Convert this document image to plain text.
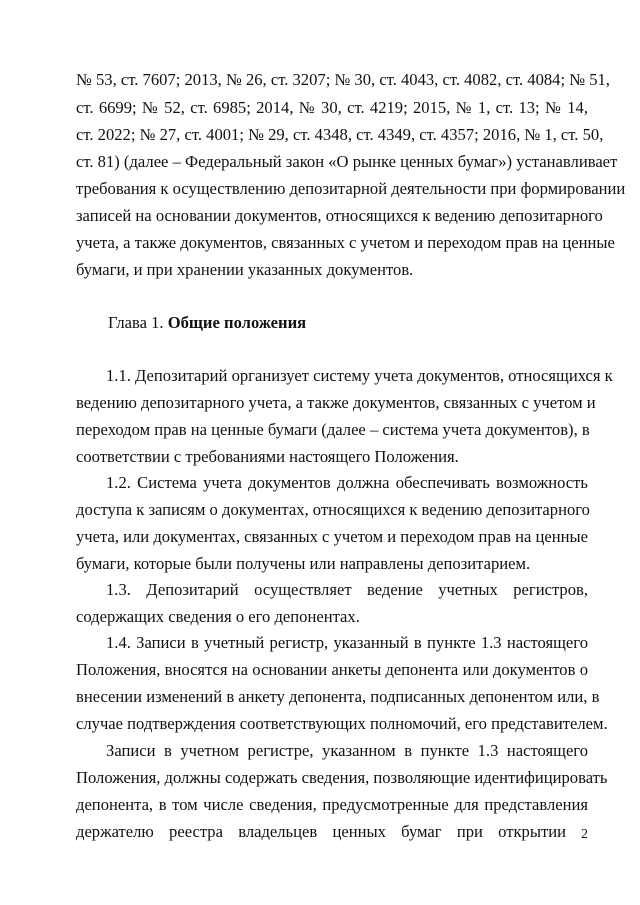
№ 53, ст. 7607; 2013, № 26, ст. 3207; № 30, ст. 4043, ст. 4082, ст. 4084; № 51,
ст. 6699; № 52, ст. 6985; 2014, № 30, ст. 4219; 2015, № 1, ст. 13; № 14,
ст. 2022; № 27, ст. 4001; № 29, ст. 4348, ст. 4349, ст. 4357; 2016, № 1, ст. 50,
ст. 81) (далее – Федеральный закон «О рынке ценных бумаг») устанавливает
требования к осуществлению депозитарной деятельности при формировании
записей на основании документов, относящихся к ведению депозитарного
учета, а также документов, связанных с учетом и переходом прав на ценные
бумаги, и при хранении указанных документов.
Глава 1. Общие положения
1.1. Депозитарий организует систему учета документов, относящихся к
ведению депозитарного учета, а также документов, связанных с учетом и
переходом прав на ценные бумаги (далее – система учета документов), в
соответствии с требованиями настоящего Положения.
1.2. Система учета документов должна обеспечивать возможность
доступа к записям о документах, относящихся к ведению депозитарного
учета, или документах, связанных с учетом и переходом прав на ценные
бумаги, которые были получены или направлены депозитарием.
1.3. Депозитарий осуществляет ведение учетных регистров,
содержащих сведения о его депонентах.
1.4. Записи в учетный регистр, указанный в пункте 1.3 настоящего
Положения, вносятся на основании анкеты депонента или документов о
внесении изменений в анкету депонента, подписанных депонентом или, в
случае подтверждения соответствующих полномочий, его представителем.
Записи в учетном регистре, указанном в пункте 1.3 настоящего
Положения, должны содержать сведения, позволяющие идентифицировать
депонента, в том числе сведения, предусмотренные для представления
держателю реестра владельцев ценных бумаг при открытии	2
